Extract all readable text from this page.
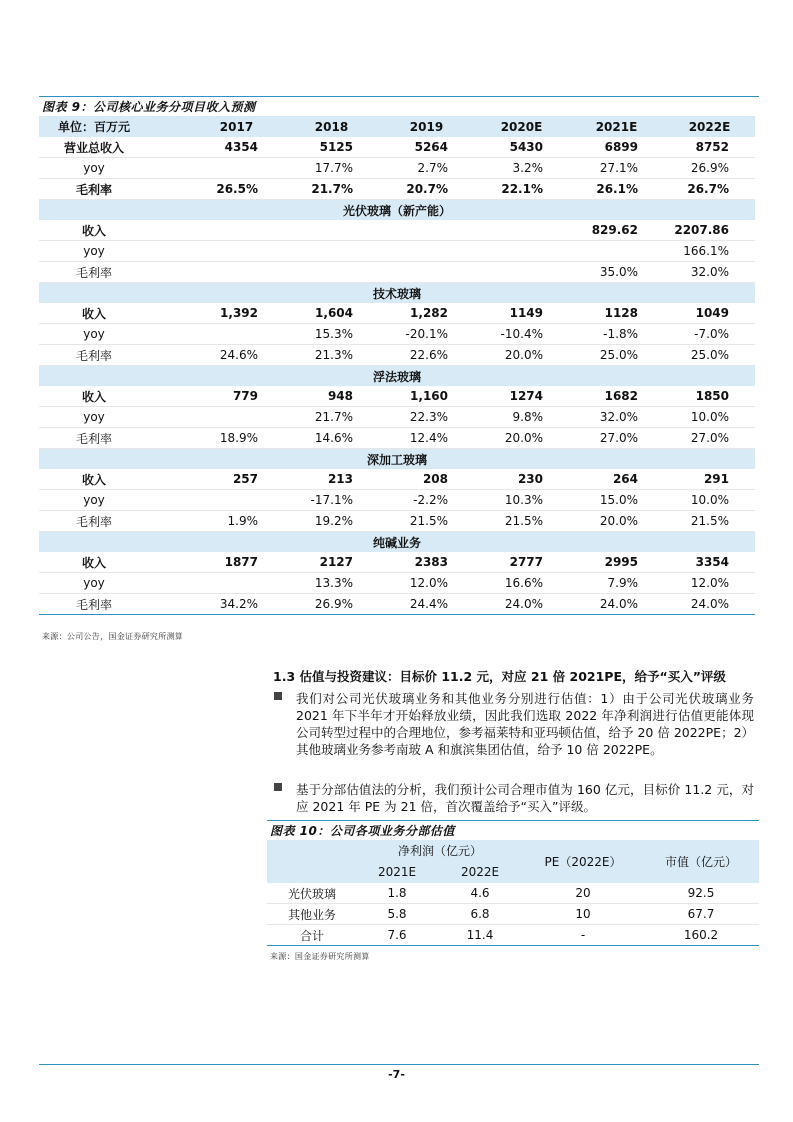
图表 9：公司核心业务分项目收入预测
单位：百万元	2017	2018	2019	2020E	2021E	2022E
营业总收入	4354	5125	5264	5430	6899	8752
yoy		17.7%	2.7%	3.2%	27.1%	26.9%
毛利率	26.5%	21.7%	20.7%	22.1%	26.1%	26.7%
光伏玻璃（新产能）						
收入					829.62	2207.86
yoy						166.1%
毛利率					35.0%	32.0%
技术玻璃						
收入	1,392	1,604	1,282	1149	1128	1049
yoy		15.3%	-20.1%	-10.4%	-1.8%	-7.0%
毛利率	24.6%	21.3%	22.6%	20.0%	25.0%	25.0%
浮法玻璃						
收入	779	948	1,160	1274	1682	1850
yoy		21.7%	22.3%	9.8%	32.0%	10.0%
毛利率	18.9%	14.6%	12.4%	20.0%	27.0%	27.0%
深加工玻璃						
收入	257	213	208	230	264	291
yoy		-17.1%	-2.2%	10.3%	15.0%	10.0%
毛利率	1.9%	19.2%	21.5%	21.5%	20.0%	21.5%
纯碱业务						
收入	1877	2127	2383	2777	2995	3354
yoy		13.3%	12.0%	16.6%	7.9%	12.0%
毛利率	34.2%	26.9%	24.4%	24.0%	24.0%	24.0%
来源：公司公告，国金证券研究所测算
1.3 估值与投资建议：目标价 11.2 元，对应 21 倍 2021PE，给予“买入”评级
我们对公司光伏玻璃业务和其他业务分别进行估值：1）由于公司光伏玻璃业务 2021 年下半年才开始释放业绩，因此我们选取 2022 年净利润进行估值更能体现公司转型过程中的合理地位，参考福莱特和亚玛顿估值，给予 20 倍 2022PE；2）其他玻璃业务参考南玻 A 和旗滨集团估值，给予 10 倍 2022PE。
基于分部估值法的分析，我们预计公司合理市值为 160 亿元，目标价 11.2 元，对应 2021 年 PE 为 21 倍，首次覆盖给予“买入”评级。
图表 10：公司各项业务分部估值
	净利润（亿元）		PE（2022E）	市值（亿元）
	2021E	2022E		
光伏玻璃	1.8	4.6	20	92.5
其他业务	5.8	6.8	10	67.7
合计	7.6	11.4	-	160.2
来源：国金证券研究所测算
-7-
